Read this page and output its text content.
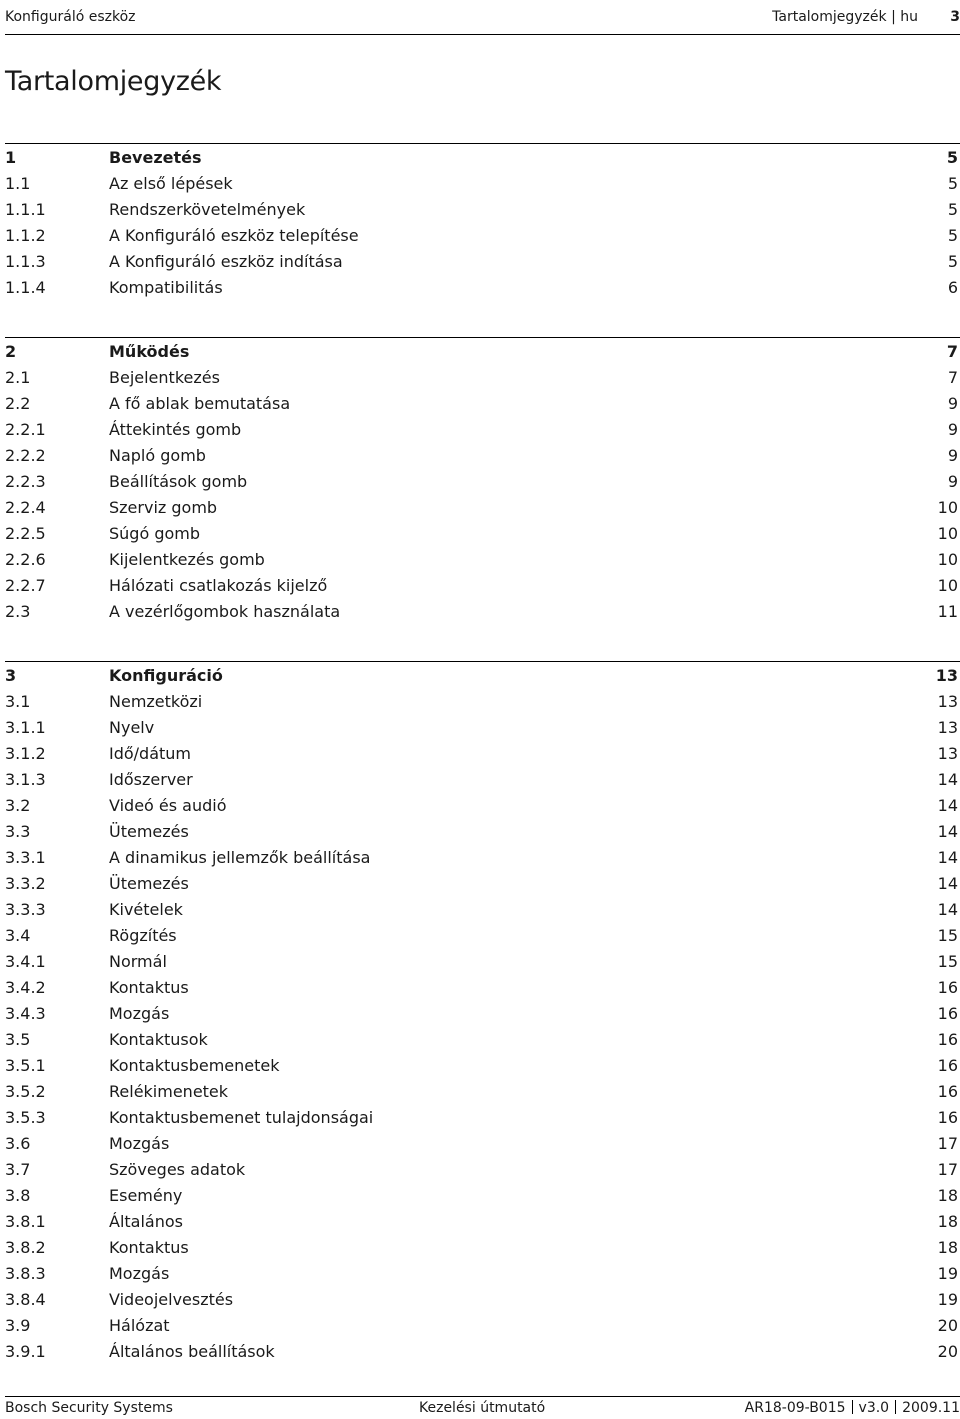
Konfiguráló eszköz	Tartalomjegyzék | hu 3
Tartalomjegyzék
1	Bevezetés	5
1.1	Az első lépések	5
1.1.1	Rendszerkövetelmények	5
1.1.2	A Konfiguráló eszköz telepítése	5
1.1.3	A Konfiguráló eszköz indítása	5
1.1.4	Kompatibilitás	6
2	Működés	7
2.1	Bejelentkezés	7
2.2	A fő ablak bemutatása	9
2.2.1	Áttekintés gomb	9
2.2.2	Napló gomb	9
2.2.3	Beállítások gomb	9
2.2.4	Szerviz gomb	10
2.2.5	Súgó gomb	10
2.2.6	Kijelentkezés gomb	10
2.2.7	Hálózati csatlakozás kijelző	10
2.3	A vezérlőgombok használata	11
3	Konfiguráció	13
3.1	Nemzetközi	13
3.1.1	Nyelv	13
3.1.2	Idő/dátum	13
3.1.3	Időszerver	14
3.2	Videó és audió	14
3.3	Ütemezés	14
3.3.1	A dinamikus jellemzők beállítása	14
3.3.2	Ütemezés	14
3.3.3	Kivételek	14
3.4	Rögzítés	15
3.4.1	Normál	15
3.4.2	Kontaktus	16
3.4.3	Mozgás	16
3.5	Kontaktusok	16
3.5.1	Kontaktusbemenetek	16
3.5.2	Relékimenetek	16
3.5.3	Kontaktusbemenet tulajdonságai	16
3.6	Mozgás	17
3.7	Szöveges adatok	17
3.8	Esemény	18
3.8.1	Általános	18
3.8.2	Kontaktus	18
3.8.3	Mozgás	19
3.8.4	Videojelvesztés	19
3.9	Hálózat	20
3.9.1	Általános beállítások	20
Bosch Security Systems	Kezelési útmutató	AR18-09-B015 v3.0 2009.11
